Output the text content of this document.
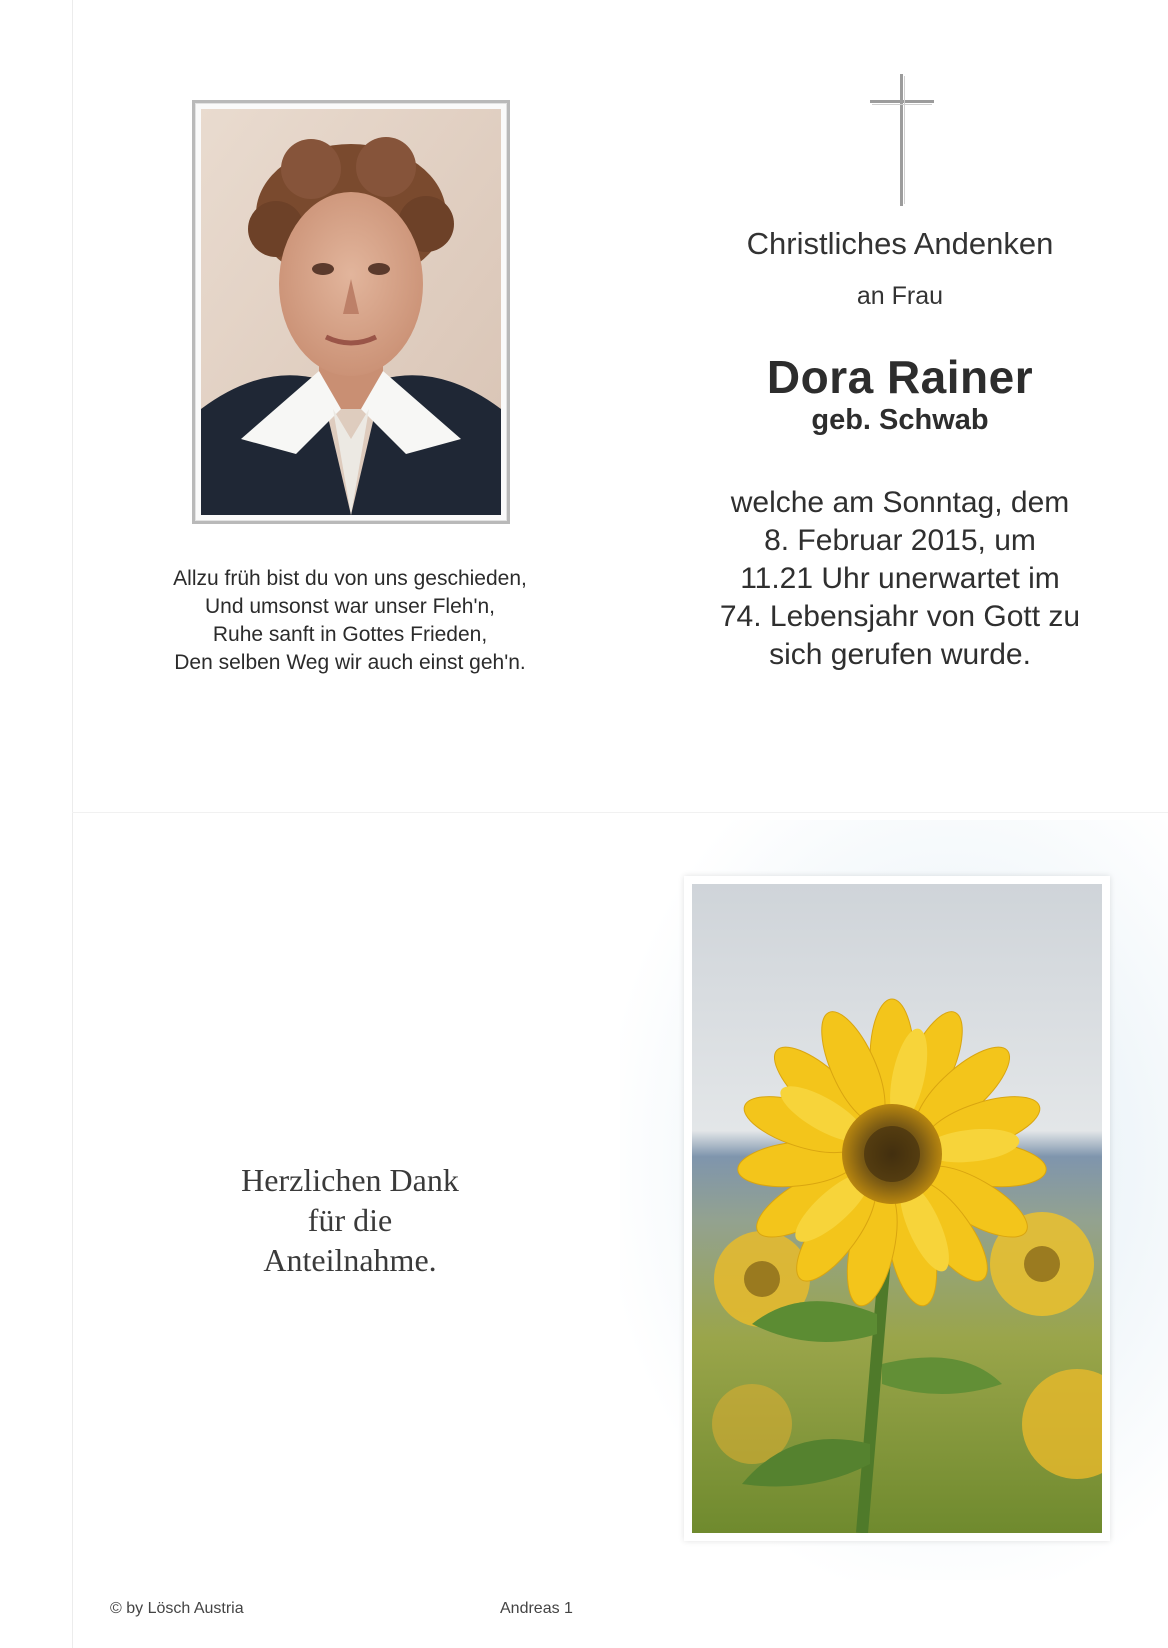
Allzu früh bist du von uns geschieden,
Und umsonst war unser Fleh'n,
Ruhe sanft in Gottes Frieden,
Den selben Weg wir auch einst geh'n.
Christliches Andenken
an Frau
Dora Rainer
geb. Schwab
welche am Sonntag, dem
8. Februar 2015, um
11.21 Uhr unerwartet im
74. Lebensjahr von Gott zu
sich gerufen wurde.
Herzlichen Dank
für die
Anteilnahme.
© by Lösch Austria	Andreas 1
